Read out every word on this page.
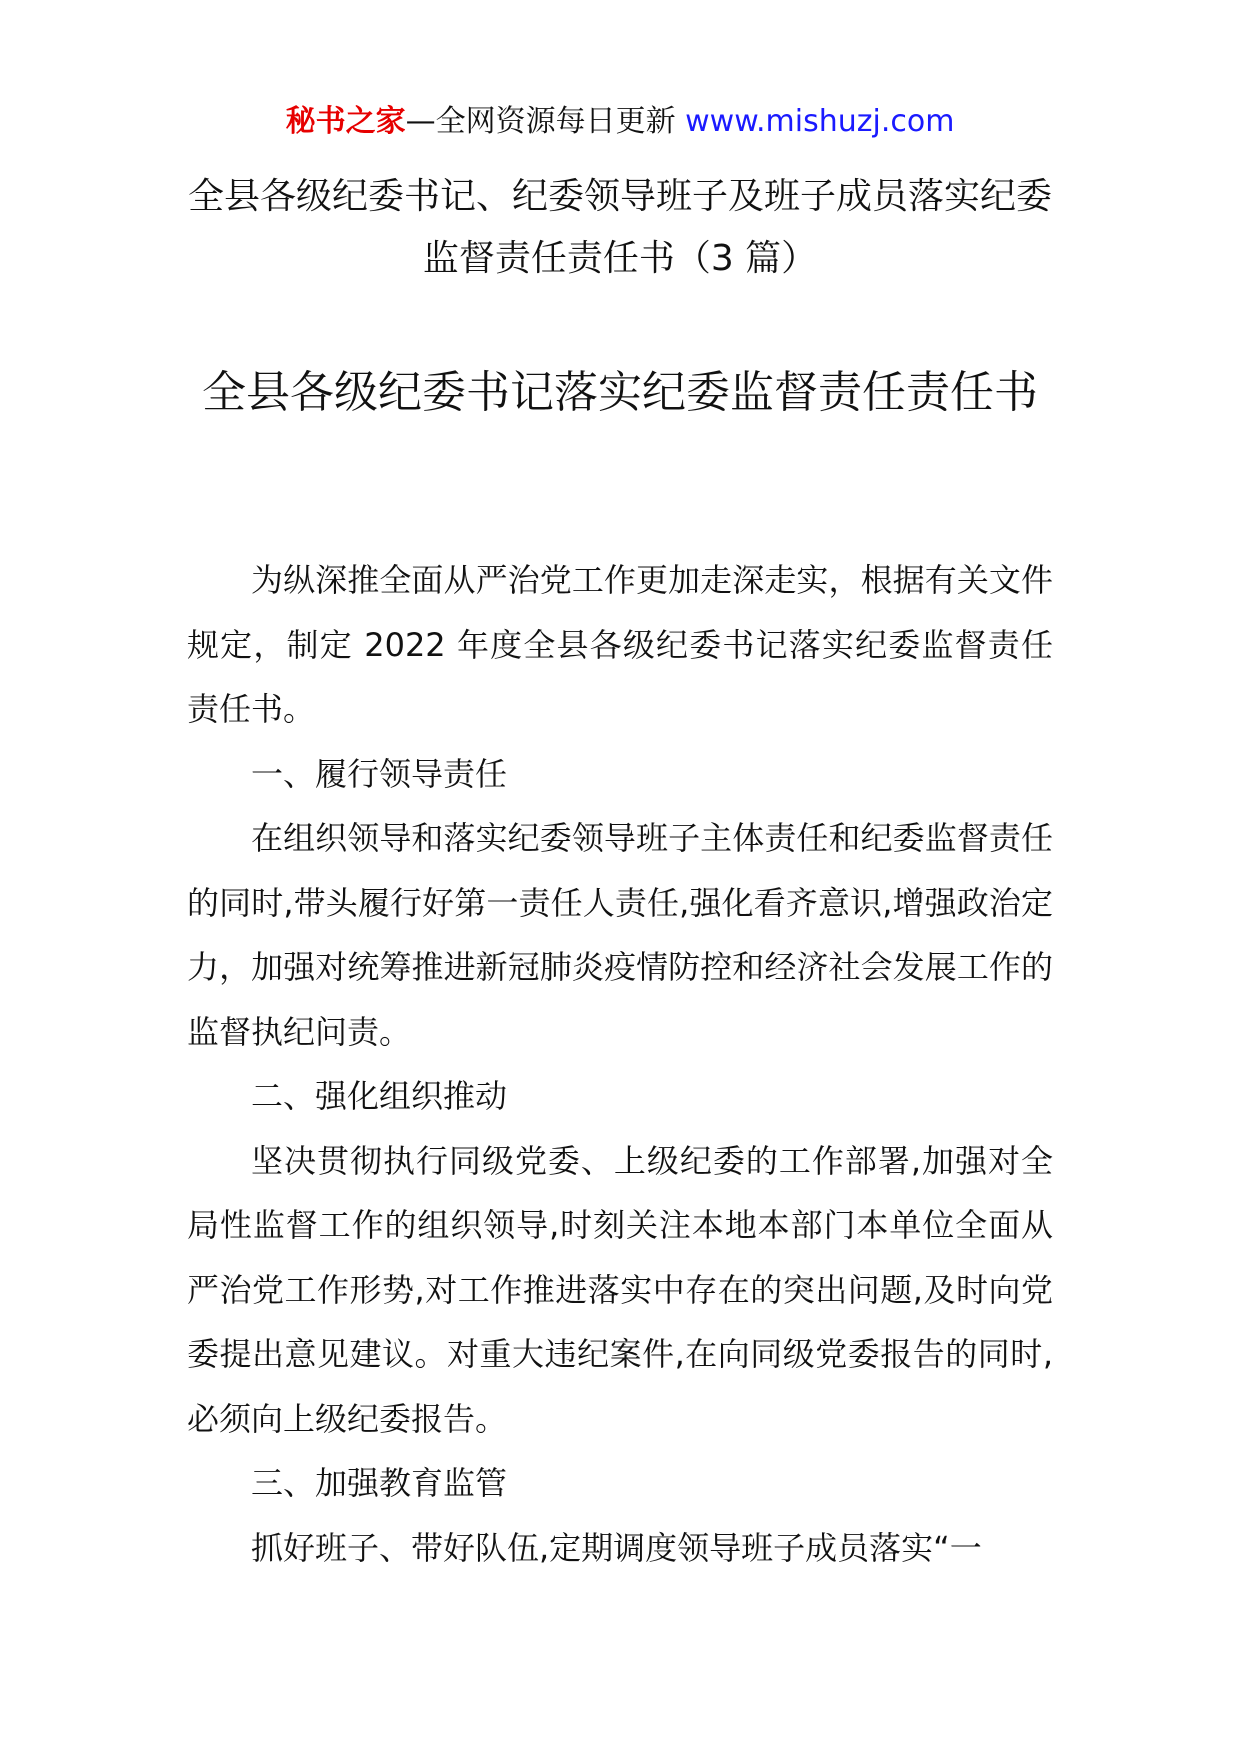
秘书之家—全网资源每日更新 www.mishuzj.com
全县各级纪委书记、纪委领导班子及班子成员落实纪委监督责任责任书（3 篇）
全县各级纪委书记落实纪委监督责任责任书

为纵深推全面从严治党工作更加走深走实，根据有关文件规定，制定 2022 年度全县各级纪委书记落实纪委监督责任责任书。

一、履行领导责任

在组织领导和落实纪委领导班子主体责任和纪委监督责任的同时,带头履行好第一责任人责任,强化看齐意识,增强政治定力，加强对统筹推进新冠肺炎疫情防控和经济社会发展工作的监督执纪问责。

二、强化组织推动

坚决贯彻执行同级党委、上级纪委的工作部署,加强对全局性监督工作的组织领导,时刻关注本地本部门本单位全面从严治党工作形势,对工作推进落实中存在的突出问题,及时向党委提出意见建议。对重大违纪案件,在向同级党委报告的同时,必须向上级纪委报告。

三、加强教育监管

抓好班子、带好队伍,定期调度领导班子成员落实“一
